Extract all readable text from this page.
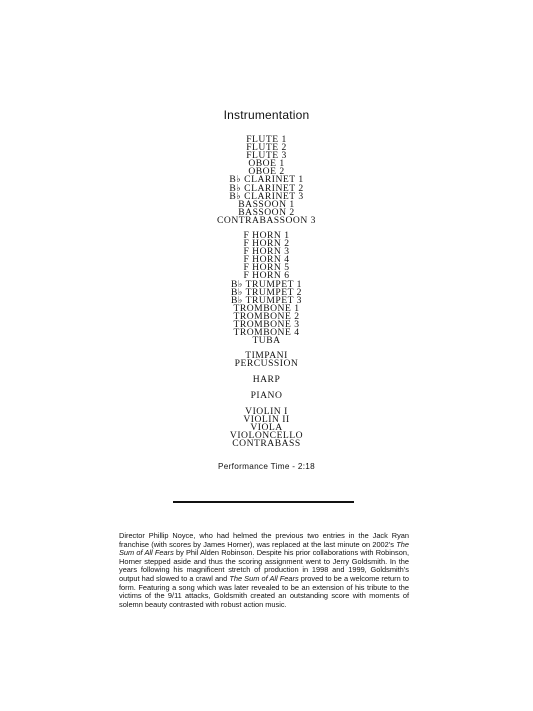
Instrumentation
FLUTE 1
FLUTE 2
FLUTE 3
OBOE 1
OBOE 2
B♭ CLARINET 1
B♭ CLARINET 2
B♭ CLARINET 3
BASSOON 1
BASSOON 2
CONTRABASSOON 3
F HORN 1
F HORN 2
F HORN 3
F HORN 4
F HORN 5
F HORN 6
B♭ TRUMPET 1
B♭ TRUMPET 2
B♭ TRUMPET 3
TROMBONE 1
TROMBONE 2
TROMBONE 3
TROMBONE 4
TUBA
TIMPANI
PERCUSSION
HARP
PIANO
VIOLIN I
VIOLIN II
VIOLA
VIOLONCELLO
CONTRABASS
Performance Time - 2:18

Director Phillip Noyce, who had helmed the previous two entries in the Jack Ryan franchise (with scores by James Horner), was replaced at the last minute on 2002’s The Sum of All Fears by Phil Alden Robinson. Despite his prior collaborations with Robinson, Horner stepped aside and thus the scoring assignment went to Jerry Goldsmith. In the years following his magnificent stretch of production in 1998 and 1999, Goldsmith’s output had slowed to a crawl and The Sum of All Fears proved to be a welcome return to form. Featuring a song which was later revealed to be an extension of his tribute to the victims of the 9/11 attacks, Goldsmith created an outstanding score with moments of solemn beauty contrasted with robust action music.
